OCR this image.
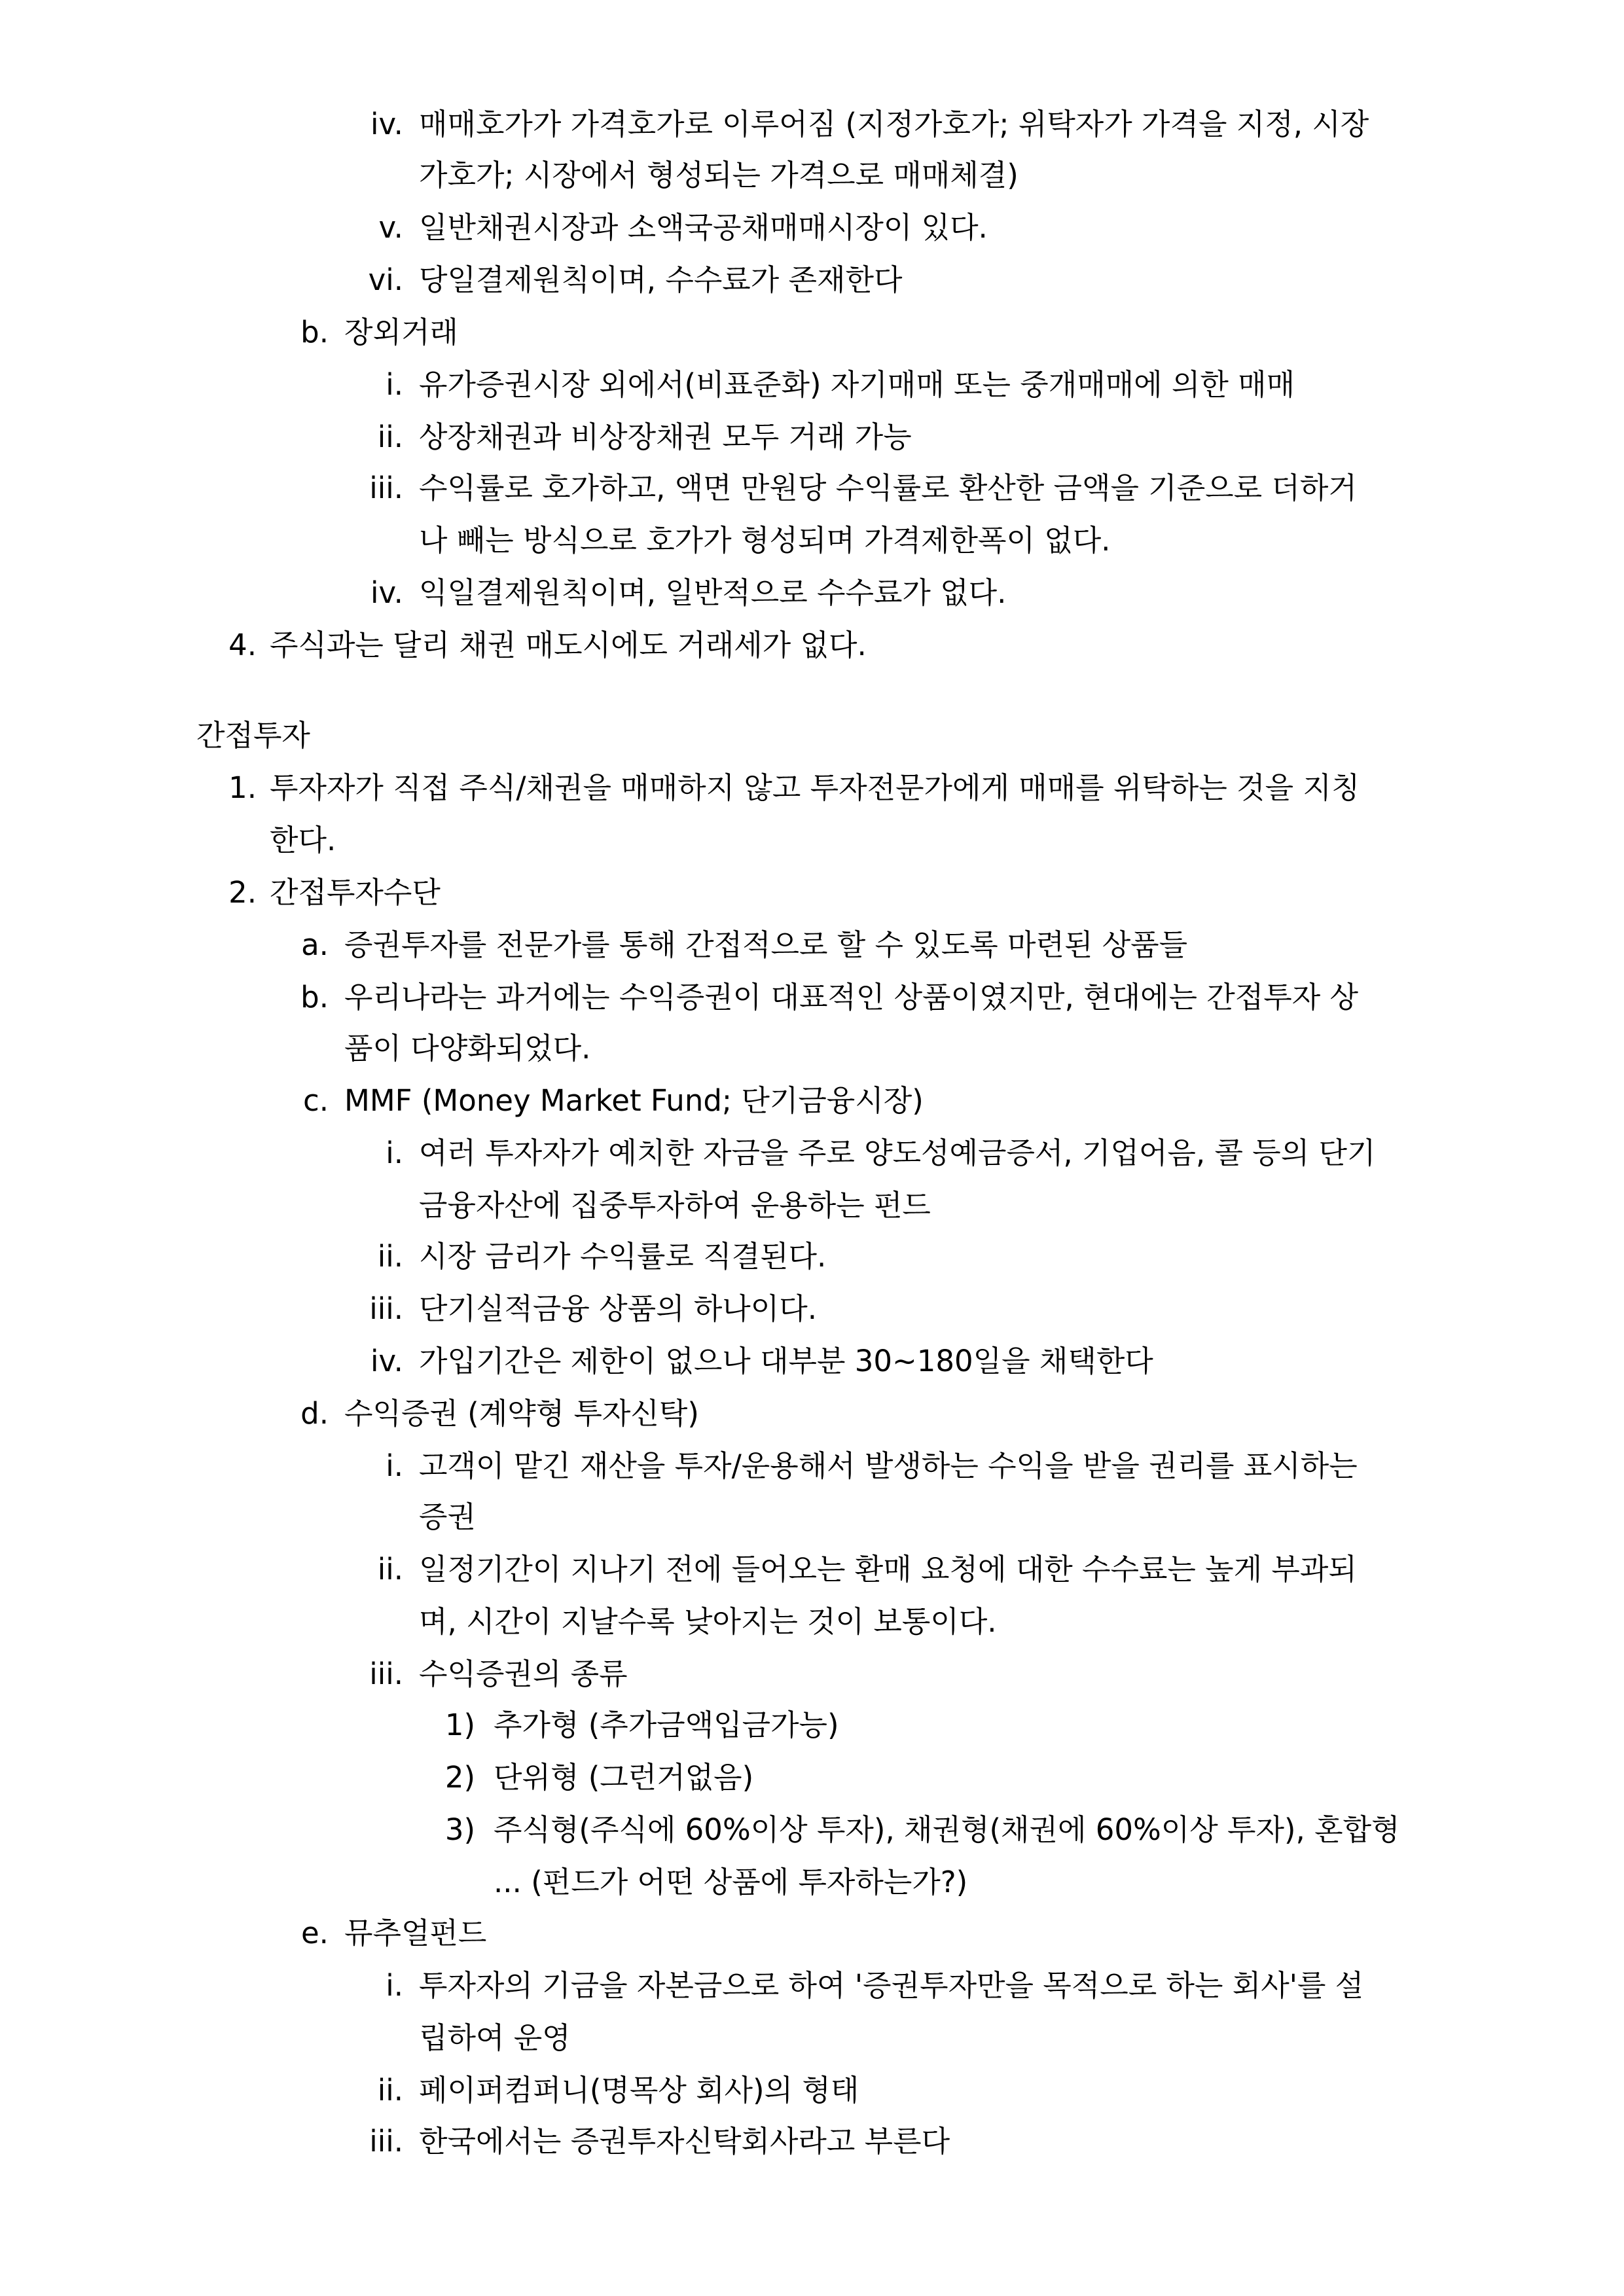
iv. 매매호가가 가격호가로 이루어짐 (지정가호가; 위탁자가 가격을 지정, 시장
가호가; 시장에서 형성되는 가격으로 매매체결)
v. 일반채권시장과 소액국공채매매시장이 있다.
vi. 당일결제원칙이며, 수수료가 존재한다
b. 장외거래
i. 유가증권시장 외에서(비표준화) 자기매매 또는 중개매매에 의한 매매
ii. 상장채권과 비상장채권 모두 거래 가능
iii. 수익률로 호가하고, 액면 만원당 수익률로 환산한 금액을 기준으로 더하거
나 빼는 방식으로 호가가 형성되며 가격제한폭이 없다.
iv. 익일결제원칙이며, 일반적으로 수수료가 없다.
4. 주식과는 달리 채권 매도시에도 거래세가 없다.
간접투자
1. 투자자가 직접 주식/채권을 매매하지 않고 투자전문가에게 매매를 위탁하는 것을 지칭
한다.
2. 간접투자수단
a. 증권투자를 전문가를 통해 간접적으로 할 수 있도록 마련된 상품들
b. 우리나라는 과거에는 수익증권이 대표적인 상품이였지만, 현대에는 간접투자 상
품이 다양화되었다.
c. MMF (Money Market Fund; 단기금융시장)
i. 여러 투자자가 예치한 자금을 주로 양도성예금증서, 기업어음, 콜 등의 단기
금융자산에 집중투자하여 운용하는 펀드
ii. 시장 금리가 수익률로 직결된다.
iii. 단기실적금융 상품의 하나이다.
iv. 가입기간은 제한이 없으나 대부분 30~180일을 채택한다
d. 수익증권 (계약형 투자신탁)
i. 고객이 맡긴 재산을 투자/운용해서 발생하는 수익을 받을 권리를 표시하는
증권
ii. 일정기간이 지나기 전에 들어오는 환매 요청에 대한 수수료는 높게 부과되
며, 시간이 지날수록 낮아지는 것이 보통이다.
iii. 수익증권의 종류
1) 추가형 (추가금액입금가능)
2) 단위형 (그런거없음)
3) 주식형(주식에 60%이상 투자), 채권형(채권에 60%이상 투자), 혼합형
... (펀드가 어떤 상품에 투자하는가?)
e. 뮤추얼펀드
i. 투자자의 기금을 자본금으로 하여 '증권투자만을 목적으로 하는 회사'를 설
립하여 운영
ii. 페이퍼컴퍼니(명목상 회사)의 형태
iii. 한국에서는 증권투자신탁회사라고 부른다
